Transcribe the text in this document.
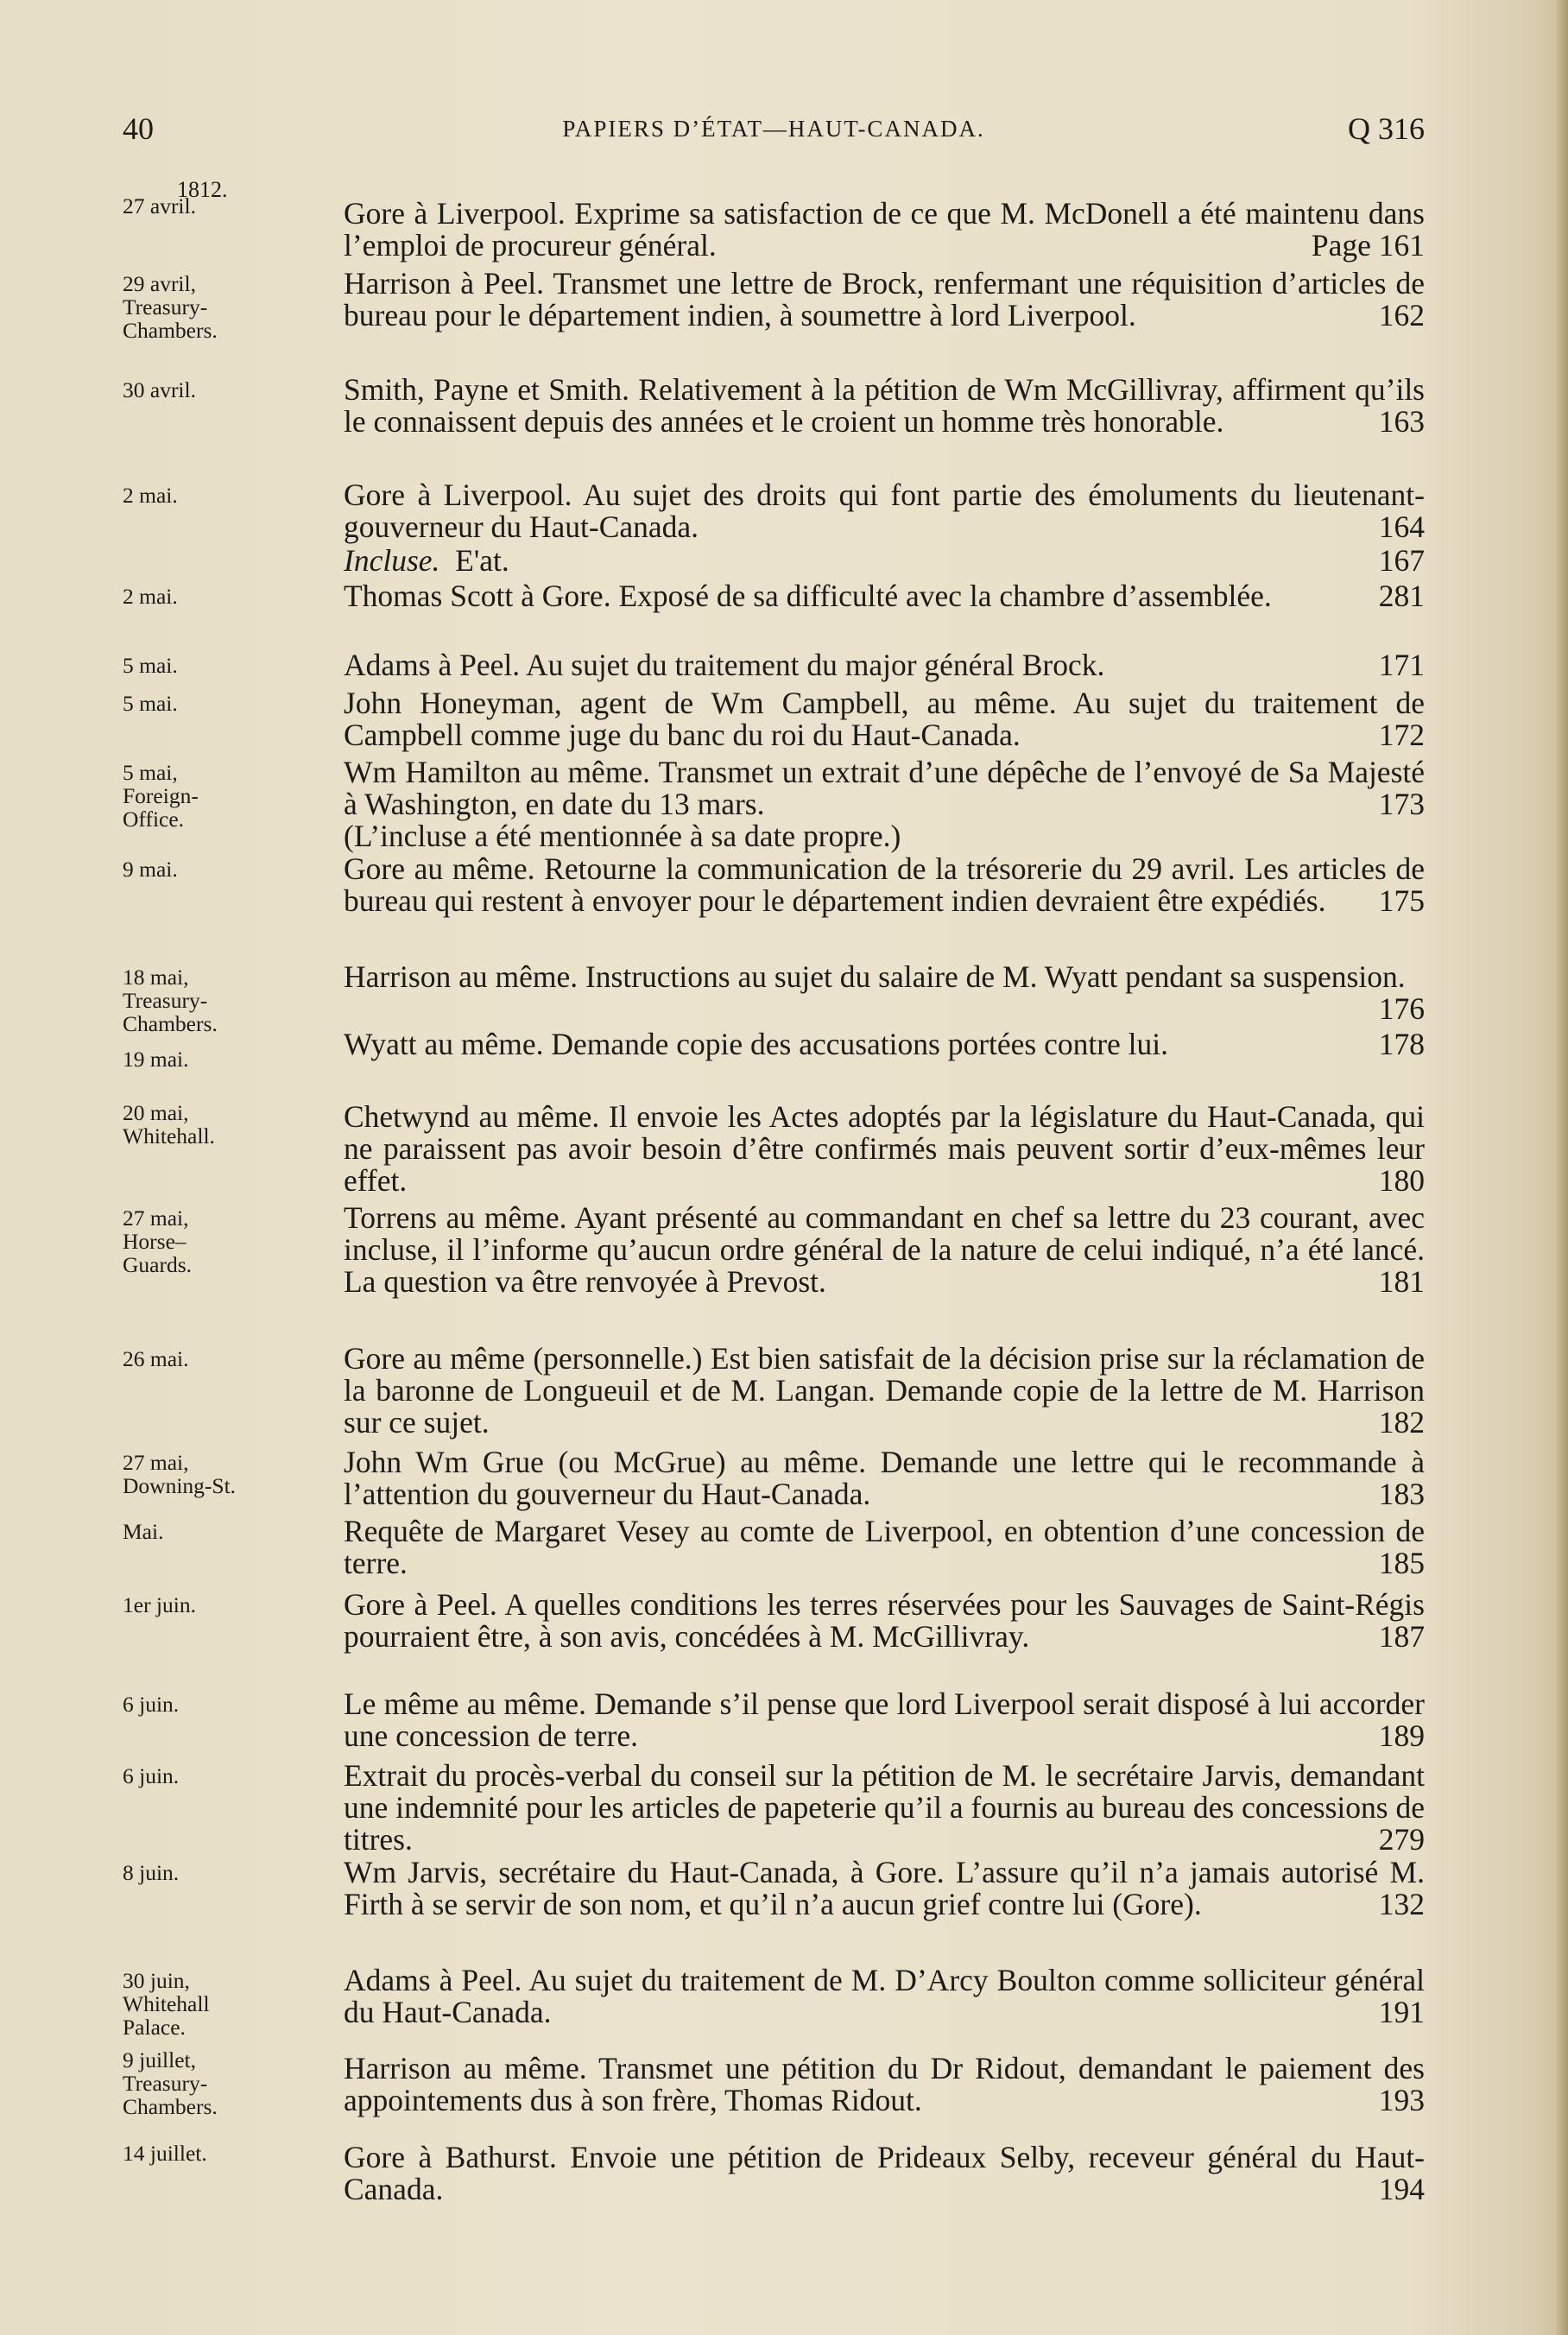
40	PAPIERS D’ÉTAT—HAUT-CANADA.	Q 316
1812.
27 avril.	Gore à Liverpool. Exprime sa satisfaction de ce que M. McDonell a été maintenu dans l’emploi de procureur général.	Page 161
29 avril,
Treasury-
Chambers.
Harrison à Peel. Transmet une lettre de Brock, renfermant une réquisition d’articles de bureau pour le département indien, à soumettre à lord Liverpool.	162
30 avril.	Smith, Payne et Smith. Relativement à la pétition de Wm McGillivray, affirment qu’ils le connaissent depuis des années et le croient un homme très honorable.	163
2 mai.	Gore à Liverpool. Au sujet des droits qui font partie des émoluments du lieutenant-gouverneur du Haut-Canada.	164
Incluse. E'at.	167
2 mai.	Thomas Scott à Gore. Exposé de sa difficulté avec la chambre d’assemblée.	281
5 mai.	Adams à Peel. Au sujet du traitement du major général Brock.	171
5 mai.	John Honeyman, agent de Wm Campbell, au même. Au sujet du traitement de Campbell comme juge du banc du roi du Haut-Canada.	172
5 mai,
Foreign-
Office.
Wm Hamilton au même. Transmet un extrait d’une dépêche de l’envoyé de Sa Majesté à Washington, en date du 13 mars.	173
(L’incluse a été mentionnée à sa date propre.)
9 mai.	Gore au même. Retourne la communication de la trésorerie du 29 avril. Les articles de bureau qui restent à envoyer pour le département indien devraient être expédiés. 175
18 mai,
Treasury-
Chambers.
Harrison au même. Instructions au sujet du salaire de M. Wyatt pendant sa suspension.
176
19 mai.	Wyatt au même. Demande copie des accusations portées contre lui.	178
20 mai,
Whitehall.
Chetwynd au même. Il envoie les Actes adoptés par la législature du Haut-Canada, qui ne paraissent pas avoir besoin d’être confirmés mais peuvent sortir d’eux-mêmes leur effet.	180
27 mai,
Horse–
Guards.
Torrens au même. Ayant présenté au commandant en chef sa lettre du 23 courant, avec incluse, il l’informe qu’aucun ordre général de la nature de celui indiqué, n’a été lancé. La question va être renvoyée à Prevost.	181
26 mai.	Gore au même (personnelle.) Est bien satisfait de la décision prise sur la réclamation de la baronne de Longueuil et de M. Langan. Demande copie de la lettre de M. Harrison sur ce sujet.	182
27 mai,
Downing-St.
John Wm Grue (ou McGrue) au même. Demande une lettre qui le recommande à l’attention du gouverneur du Haut-Canada.	183
Mai.	Requête de Margaret Vesey au comte de Liverpool, en obtention d’une concession de terre.	185
1er juin.	Gore à Peel. A quelles conditions les terres réservées pour les Sauvages de Saint-Régis pourraient être, à son avis, concédées à M. McGillivray.	187
6 juin.	Le même au même. Demande s’il pense que lord Liverpool serait disposé à lui accorder une concession de terre.	189
6 juin.	Extrait du procès-verbal du conseil sur la pétition de M. le secrétaire Jarvis, demandant une indemnité pour les articles de papeterie qu’il a fournis au bureau des concessions de titres.	279
8 juin.	Wm Jarvis, secrétaire du Haut-Canada, à Gore. L’assure qu’il n’a jamais autorisé M. Firth à se servir de son nom, et qu’il n’a aucun grief contre lui (Gore).	132
30 juin,
Whitehall
Palace.
Adams à Peel. Au sujet du traitement de M. D’Arcy Boulton comme solliciteur général du Haut-Canada.	191
9 juillet,
Treasury-
Chambers.
Harrison au même. Transmet une pétition du Dr Ridout, demandant le paiement des appointements dus à son frère, Thomas Ridout.	193
14 juillet.	Gore à Bathurst. Envoie une pétition de Prideaux Selby, receveur général du Haut-Canada.	194
